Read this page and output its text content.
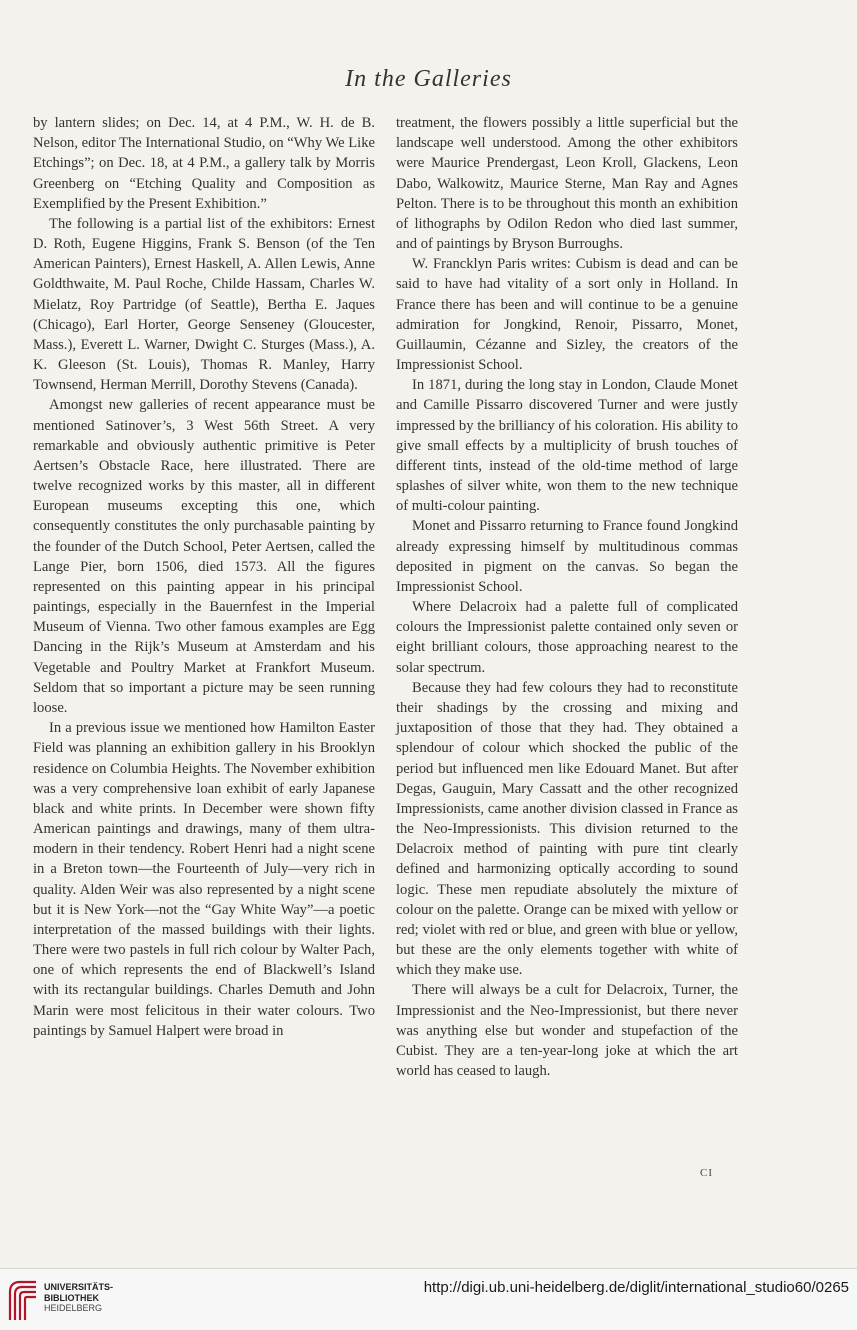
In the Galleries

by lantern slides; on Dec. 14, at 4 P.M., W. H. de B. Nelson, editor The International Studio, on “Why We Like Etchings”; on Dec. 18, at 4 P.M., a gallery talk by Morris Greenberg on “Etching Quality and Composition as Exemplified by the Present Exhibition.”

The following is a partial list of the exhibitors: Ernest D. Roth, Eugene Higgins, Frank S. Benson (of the Ten American Painters), Ernest Haskell, A. Allen Lewis, Anne Goldthwaite, M. Paul Roche, Childe Hassam, Charles W. Mielatz, Roy Partridge (of Seattle), Bertha E. Jaques (Chicago), Earl Horter, George Senseney (Gloucester, Mass.), Everett L. Warner, Dwight C. Sturges (Mass.), A. K. Gleeson (St. Louis), Thomas R. Manley, Harry Townsend, Herman Merrill, Dorothy Stevens (Canada).

Amongst new galleries of recent appearance must be mentioned Satinover’s, 3 West 56th Street. A very remarkable and obviously authentic primitive is Peter Aertsen’s Obstacle Race, here illustrated. There are twelve recognized works by this master, all in different European museums excepting this one, which consequently constitutes the only purchasable painting by the founder of the Dutch School, Peter Aertsen, called the Lange Pier, born 1506, died 1573. All the figures represented on this painting appear in his principal paintings, especially in the Bauernfest in the Imperial Museum of Vienna. Two other famous examples are Egg Dancing in the Rijk’s Museum at Amsterdam and his Vegetable and Poultry Market at Frankfort Museum. Seldom that so important a picture may be seen running loose.

In a previous issue we mentioned how Hamilton Easter Field was planning an exhibition gallery in his Brooklyn residence on Columbia Heights. The November exhibition was a very comprehensive loan exhibit of early Japanese black and white prints. In December were shown fifty American paintings and drawings, many of them ultra-modern in their tendency. Robert Henri had a night scene in a Breton town—the Fourteenth of July—very rich in quality. Alden Weir was also represented by a night scene but it is New York—not the “Gay White Way”—a poetic interpretation of the massed buildings with their lights. There were two pastels in full rich colour by Walter Pach, one of which represents the end of Blackwell’s Island with its rectangular buildings. Charles Demuth and John Marin were most felicitous in their water colours. Two paintings by Samuel Halpert were broad in

treatment, the flowers possibly a little superficial but the landscape well understood. Among the other exhibitors were Maurice Prendergast, Leon Kroll, Glackens, Leon Dabo, Walkowitz, Maurice Sterne, Man Ray and Agnes Pelton. There is to be throughout this month an exhibition of lithographs by Odilon Redon who died last summer, and of paintings by Bryson Burroughs.

W. Francklyn Paris writes: Cubism is dead and can be said to have had vitality of a sort only in Holland. In France there has been and will continue to be a genuine admiration for Jongkind, Renoir, Pissarro, Monet, Guillaumin, Cézanne and Sizley, the creators of the Impressionist School.

In 1871, during the long stay in London, Claude Monet and Camille Pissarro discovered Turner and were justly impressed by the brilliancy of his coloration. His ability to give small effects by a multiplicity of brush touches of different tints, instead of the old-time method of large splashes of silver white, won them to the new technique of multi-colour painting.

Monet and Pissarro returning to France found Jongkind already expressing himself by multitudinous commas deposited in pigment on the canvas. So began the Impressionist School.

Where Delacroix had a palette full of complicated colours the Impressionist palette contained only seven or eight brilliant colours, those approaching nearest to the solar spectrum.

Because they had few colours they had to reconstitute their shadings by the crossing and mixing and juxtaposition of those that they had. They obtained a splendour of colour which shocked the public of the period but influenced men like Edouard Manet. But after Degas, Gauguin, Mary Cassatt and the other recognized Impressionists, came another division classed in France as the Neo-Impressionists. This division returned to the Delacroix method of painting with pure tint clearly defined and harmonizing optically according to sound logic. These men repudiate absolutely the mixture of colour on the palette. Orange can be mixed with yellow or red; violet with red or blue, and green with blue or yellow, but these are the only elements together with white of which they make use.

There will always be a cult for Delacroix, Turner, the Impressionist and the Neo-Impressionist, but there never was anything else but wonder and stupefaction of the Cubist. They are a ten-year-long joke at which the art world has ceased to laugh.

CI
UNIVERSITÄTS-
BIBLIOTHEK
HEIDELBERG
http://digi.ub.uni-heidelberg.de/diglit/international_studio60/0265
